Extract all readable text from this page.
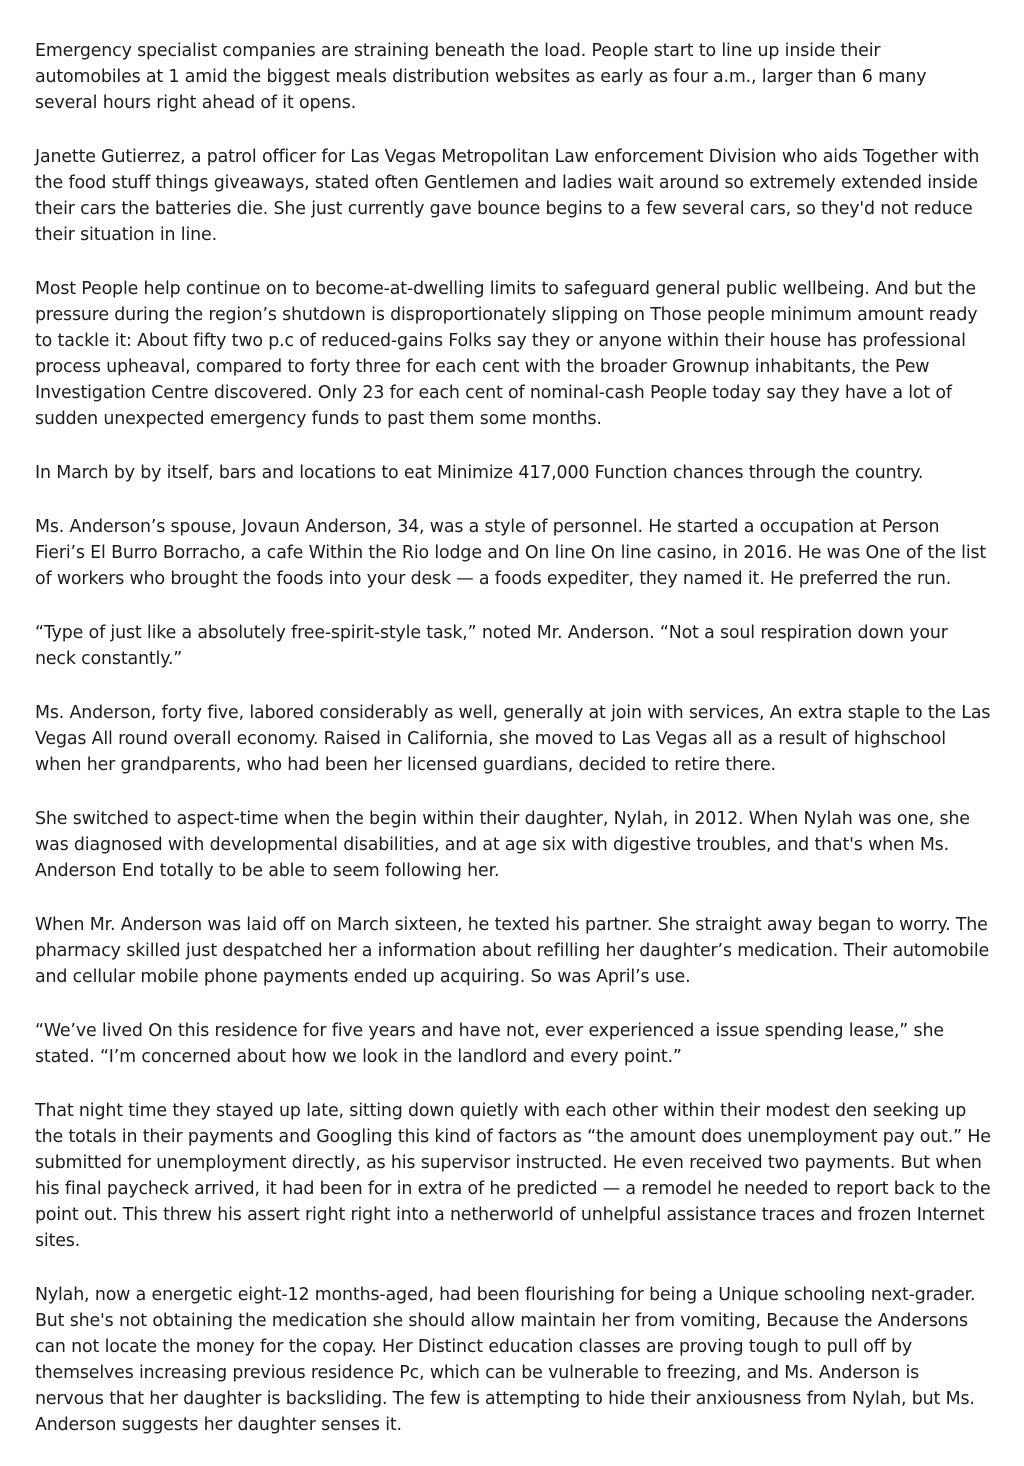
Emergency specialist companies are straining beneath the load. People start to line up inside their automobiles at 1 amid the biggest meals distribution websites as early as four a.m., larger than 6 many several hours right ahead of it opens.

Janette Gutierrez, a patrol officer for Las Vegas Metropolitan Law enforcement Division who aids Together with the food stuff things giveaways, stated often Gentlemen and ladies wait around so extremely extended inside their cars the batteries die. She just currently gave bounce begins to a few several cars, so they'd not reduce their situation in line.

Most People help continue on to become-at-dwelling limits to safeguard general public wellbeing. And but the pressure during the region’s shutdown is disproportionately slipping on Those people minimum amount ready to tackle it: About fifty two p.c of reduced-gains Folks say they or anyone within their house has professional process upheaval, compared to forty three for each cent with the broader Grownup inhabitants, the Pew Investigation Centre discovered. Only 23 for each cent of nominal-cash People today say they have a lot of sudden unexpected emergency funds to past them some months.

In March by by itself, bars and locations to eat Minimize 417,000 Function chances through the country.

Ms. Anderson’s spouse, Jovaun Anderson, 34, was a style of personnel. He started a occupation at Person Fieri’s El Burro Borracho, a cafe Within the Rio lodge and On line On line casino, in 2016. He was One of the list of workers who brought the foods into your desk — a foods expediter, they named it. He preferred the run.

“Type of just like a absolutely free-spirit-style task,” noted Mr. Anderson. “Not a soul respiration down your neck constantly.”

Ms. Anderson, forty five, labored considerably as well, generally at join with services, An extra staple to the Las Vegas All round overall economy. Raised in California, she moved to Las Vegas all as a result of highschool when her grandparents, who had been her licensed guardians, decided to retire there.

She switched to aspect-time when the begin within their daughter, Nylah, in 2012. When Nylah was one, she was diagnosed with developmental disabilities, and at age six with digestive troubles, and that's when Ms. Anderson End totally to be able to seem following her.

When Mr. Anderson was laid off on March sixteen, he texted his partner. She straight away began to worry. The pharmacy skilled just despatched her a information about refilling her daughter’s medication. Their automobile and cellular mobile phone payments ended up acquiring. So was April’s use.

“We’ve lived On this residence for five years and have not, ever experienced a issue spending lease,” she stated. “I’m concerned about how we look in the landlord and every point.”

That night time they stayed up late, sitting down quietly with each other within their modest den seeking up the totals in their payments and Googling this kind of factors as “the amount does unemployment pay out.” He submitted for unemployment directly, as his supervisor instructed. He even received two payments. But when his final paycheck arrived, it had been for in extra of he predicted — a remodel he needed to report back to the point out. This threw his assert right right into a netherworld of unhelpful assistance traces and frozen Internet sites.

Nylah, now a energetic eight-12 months-aged, had been flourishing for being a Unique schooling next-grader. But she's not obtaining the medication she should allow maintain her from vomiting, Because the Andersons can not locate the money for the copay. Her Distinct education classes are proving tough to pull off by themselves increasing previous residence Pc, which can be vulnerable to freezing, and Ms. Anderson is nervous that her daughter is backsliding. The few is attempting to hide their anxiousness from Nylah, but Ms. Anderson suggests her daughter senses it.
